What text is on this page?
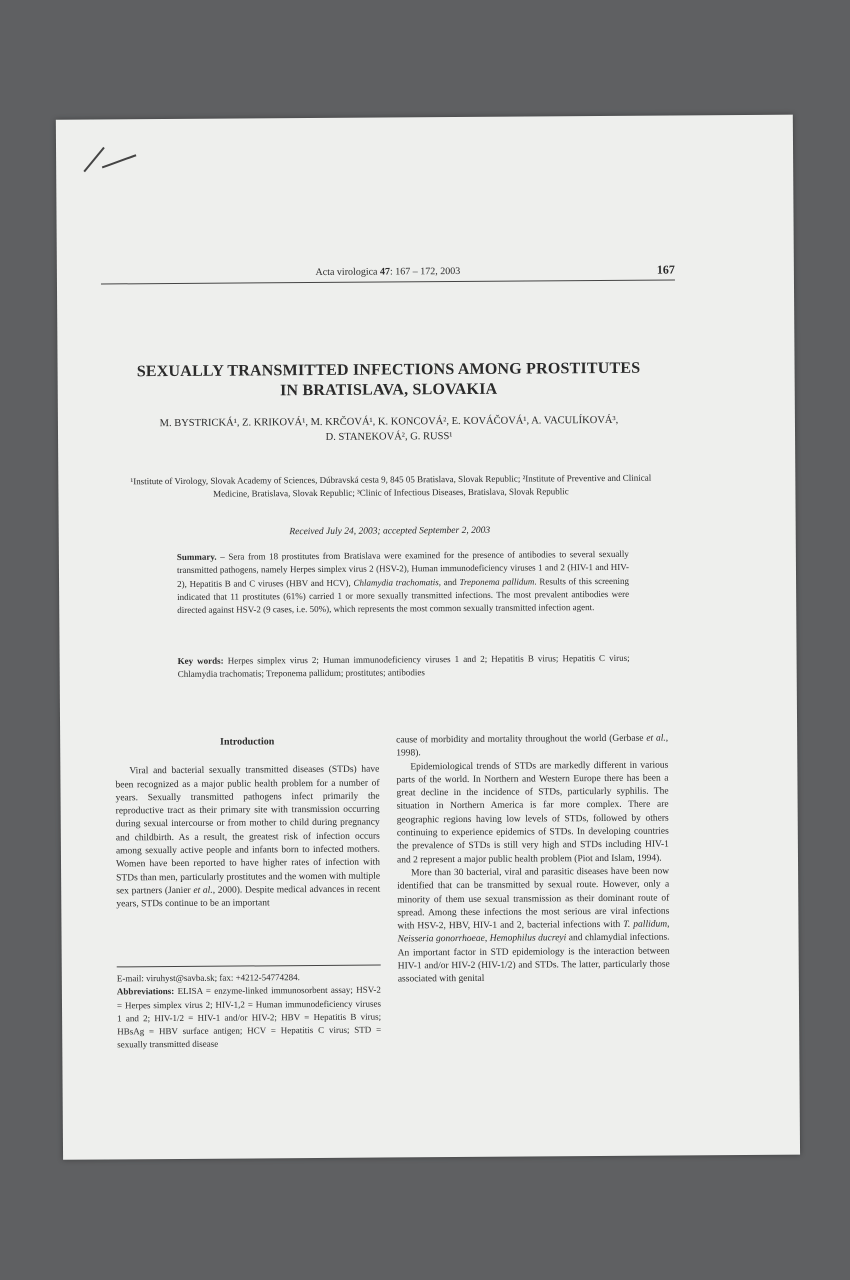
Acta virologica 47: 167 – 172, 2003	167
SEXUALLY TRANSMITTED INFECTIONS AMONG PROSTITUTES
IN BRATISLAVA, SLOVAKIA
M. BYSTRICKÁ¹, Z. KRIKOVÁ¹, M. KRČOVÁ¹, K. KONCOVÁ², E. KOVÁČOVÁ¹, A. VACULÍKOVÁ³,
D. STANEKOVÁ², G. RUSS¹
¹Institute of Virology, Slovak Academy of Sciences, Dúbravská cesta 9, 845 05 Bratislava, Slovak Republic; ²Institute of Preventive and Clinical Medicine, Bratislava, Slovak Republic; ³Clinic of Infectious Diseases, Bratislava, Slovak Republic
Received July 24, 2003; accepted September 2, 2003
Summary. – Sera from 18 prostitutes from Bratislava were examined for the presence of antibodies to several sexually transmitted pathogens, namely Herpes simplex virus 2 (HSV-2), Human immunodeficiency viruses 1 and 2 (HIV-1 and HIV-2), Hepatitis B and C viruses (HBV and HCV), Chlamydia trachomatis, and Treponema pallidum. Results of this screening indicated that 11 prostitutes (61%) carried 1 or more sexually transmitted infections. The most prevalent antibodies were directed against HSV-2 (9 cases, i.e. 50%), which represents the most common sexually transmitted infection agent.
Key words: Herpes simplex virus 2; Human immunodeficiency viruses 1 and 2; Hepatitis B virus; Hepatitis C virus; Chlamydia trachomatis; Treponema pallidum; prostitutes; antibodies
Introduction

Viral and bacterial sexually transmitted diseases (STDs) have been recognized as a major public health problem for a number of years. Sexually transmitted pathogens infect primarily the reproductive tract as their primary site with transmission occurring during sexual intercourse or from mother to child during pregnancy and childbirth. As a result, the greatest risk of infection occurs among sexually active people and infants born to infected mothers. Women have been reported to have higher rates of infection with STDs than men, particularly prostitutes and the women with multiple sex partners (Janier et al., 2000). Despite medical advances in recent years, STDs continue to be an important

E-mail: viruhyst@savba.sk; fax: +4212-54774284.
Abbreviations: ELISA = enzyme-linked immunosorbent assay; HSV-2 = Herpes simplex virus 2; HIV-1,2 = Human immunodeficiency viruses 1 and 2; HIV-1/2 = HIV-1 and/or HIV-2; HBV = Hepatitis B virus; HBsAg = HBV surface antigen; HCV = Hepatitis C virus; STD = sexually transmitted disease

cause of morbidity and mortality throughout the world (Gerbase et al., 1998).

Epidemiological trends of STDs are markedly different in various parts of the world. In Northern and Western Europe there has been a great decline in the incidence of STDs, particularly syphilis. The situation in Northern America is far more complex. There are geographic regions having low levels of STDs, followed by others continuing to experience epidemics of STDs. In developing countries the prevalence of STDs is still very high and STDs including HIV-1 and 2 represent a major public health problem (Piot and Islam, 1994).

More than 30 bacterial, viral and parasitic diseases have been now identified that can be transmitted by sexual route. However, only a minority of them use sexual transmission as their dominant route of spread. Among these infections the most serious are viral infections with HSV-2, HBV, HIV-1 and 2, bacterial infections with T. pallidum, Neisseria gonorrhoeae, Hemophilus ducreyi and chlamydial infections. An important factor in STD epidemiology is the interaction between HIV-1 and/or HIV-2 (HIV-1/2) and STDs. The latter, particularly those associated with genital
